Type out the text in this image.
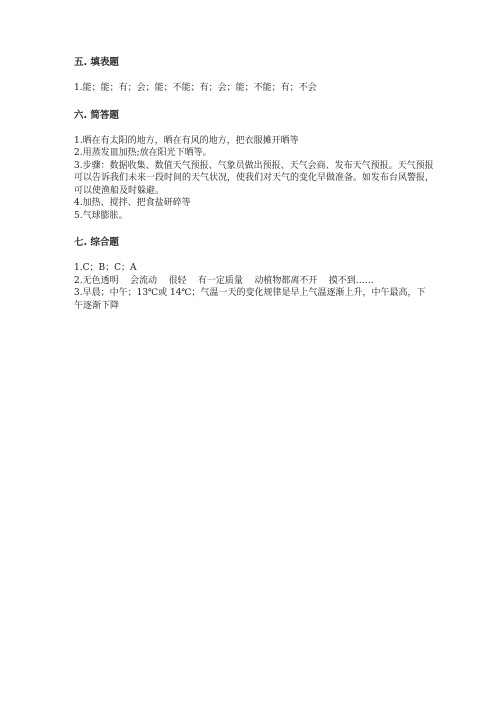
五. 填表题

1.能；能；有；会；能；不能；有；会；能；不能；有；不会

六. 简答题

1.晒在有太阳的地方，晒在有风的地方，把衣服摊开晒等

2.用蒸发皿加热;放在阳光下晒等。

3.步骤：数据收集、数值天气预报、气象员做出预报、天气会商、发布天气预报。天气预报可以告诉我们未来一段时间的天气状况，使我们对天气的变化早做准备。如发布台风警报，可以使渔船及时躲避。

4.加热、搅拌、把食盐研碎等

5.气球膨胀。

七. 综合题

1.C；B；C；A

2.无色透明    会流动    很轻    有一定质量    动植物都离不开    摸不到……

3.早晨；中午；13℃或 14℃；气温一天的变化规律是早上气温逐渐上升，中午最高，下午逐渐下降
